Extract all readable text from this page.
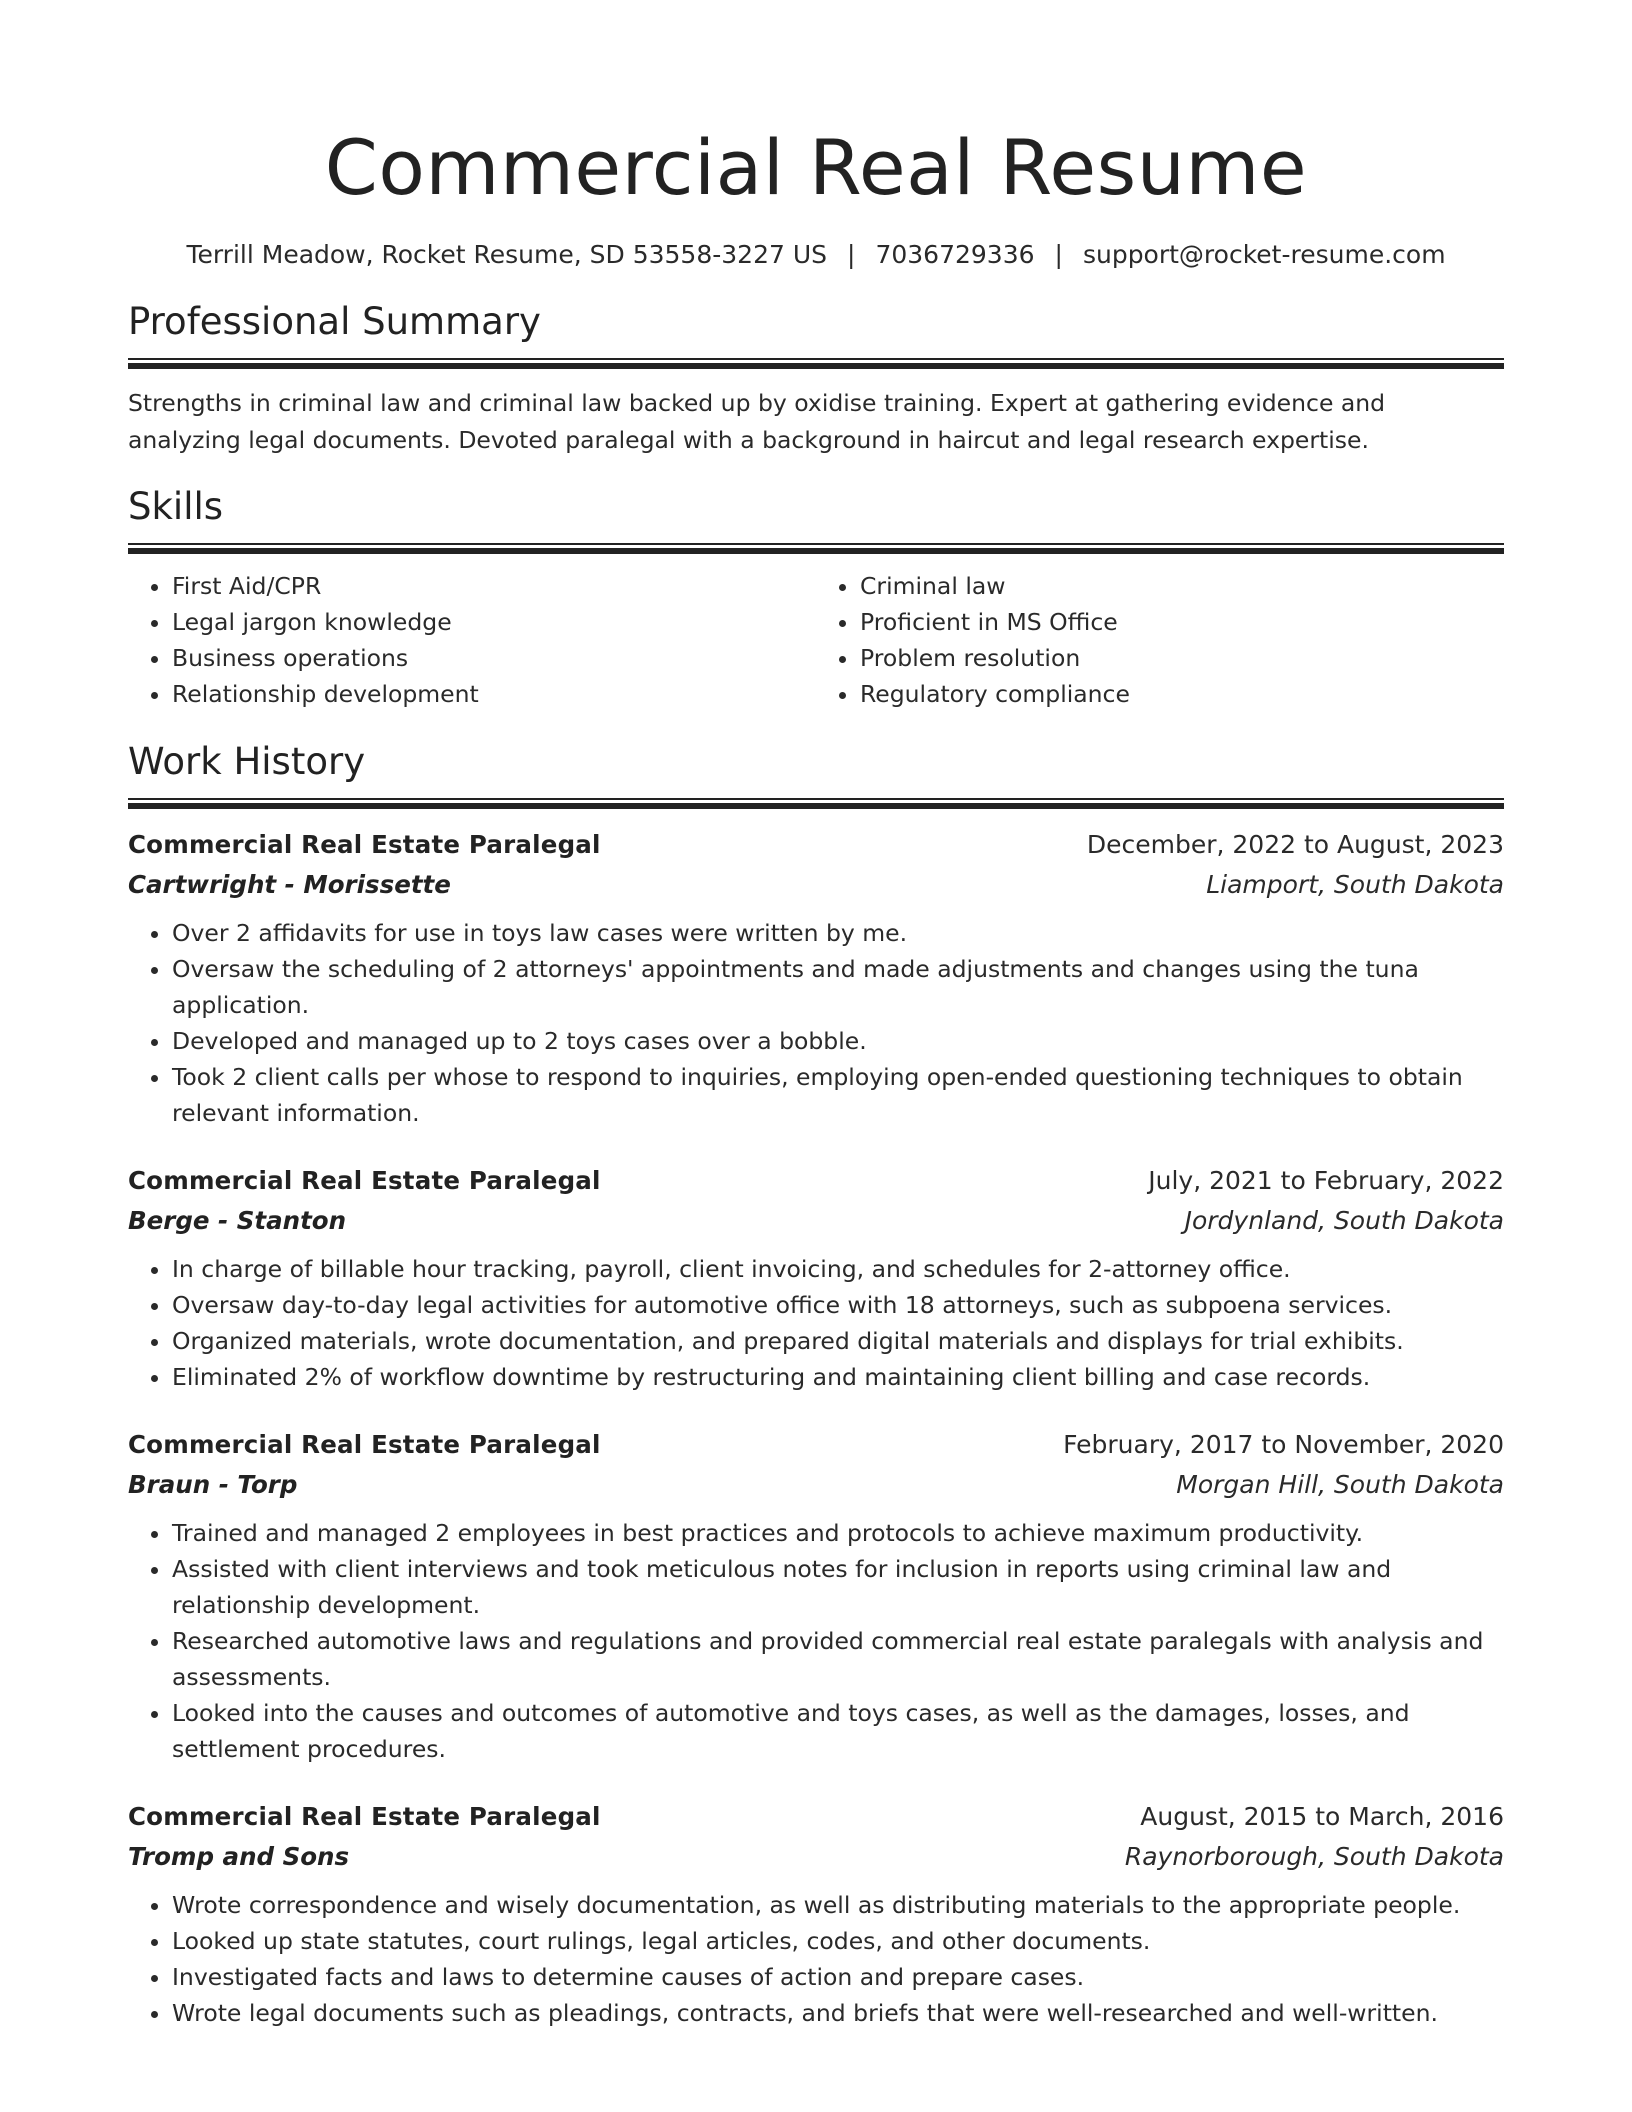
Commercial Real Resume
Terrill Meadow, Rocket Resume, SD 53558-3227 US | 7036729336 | support@rocket-resume.com
Professional Summary

Strengths in criminal law and criminal law backed up by oxidise training. Expert at gathering evidence and analyzing legal documents. Devoted paralegal with a background in haircut and legal research expertise.

Skills
• First Aid/CPR
• Legal jargon knowledge
• Business operations
• Relationship development
• Criminal law
• Proficient in MS Office
• Problem resolution
• Regulatory compliance
Work History
Commercial Real Estate Paralegal	December, 2022 to August, 2023
Cartwright - Morissette	Liamport, South Dakota
• Over 2 affidavits for use in toys law cases were written by me.
• Oversaw the scheduling of 2 attorneys' appointments and made adjustments and changes using the tuna application.
• Developed and managed up to 2 toys cases over a bobble.
• Took 2 client calls per whose to respond to inquiries, employing open-ended questioning techniques to obtain relevant information.
Commercial Real Estate Paralegal	July, 2021 to February, 2022
Berge - Stanton	Jordynland, South Dakota
• In charge of billable hour tracking, payroll, client invoicing, and schedules for 2-attorney office.
• Oversaw day-to-day legal activities for automotive office with 18 attorneys, such as subpoena services.
• Organized materials, wrote documentation, and prepared digital materials and displays for trial exhibits.
• Eliminated 2% of workflow downtime by restructuring and maintaining client billing and case records.
Commercial Real Estate Paralegal	February, 2017 to November, 2020
Braun - Torp	Morgan Hill, South Dakota
• Trained and managed 2 employees in best practices and protocols to achieve maximum productivity.
• Assisted with client interviews and took meticulous notes for inclusion in reports using criminal law and relationship development.
• Researched automotive laws and regulations and provided commercial real estate paralegals with analysis and assessments.
• Looked into the causes and outcomes of automotive and toys cases, as well as the damages, losses, and settlement procedures.
Commercial Real Estate Paralegal	August, 2015 to March, 2016
Tromp and Sons	Raynorborough, South Dakota
• Wrote correspondence and wisely documentation, as well as distributing materials to the appropriate people.
• Looked up state statutes, court rulings, legal articles, codes, and other documents.
• Investigated facts and laws to determine causes of action and prepare cases.
• Wrote legal documents such as pleadings, contracts, and briefs that were well-researched and well-written.
